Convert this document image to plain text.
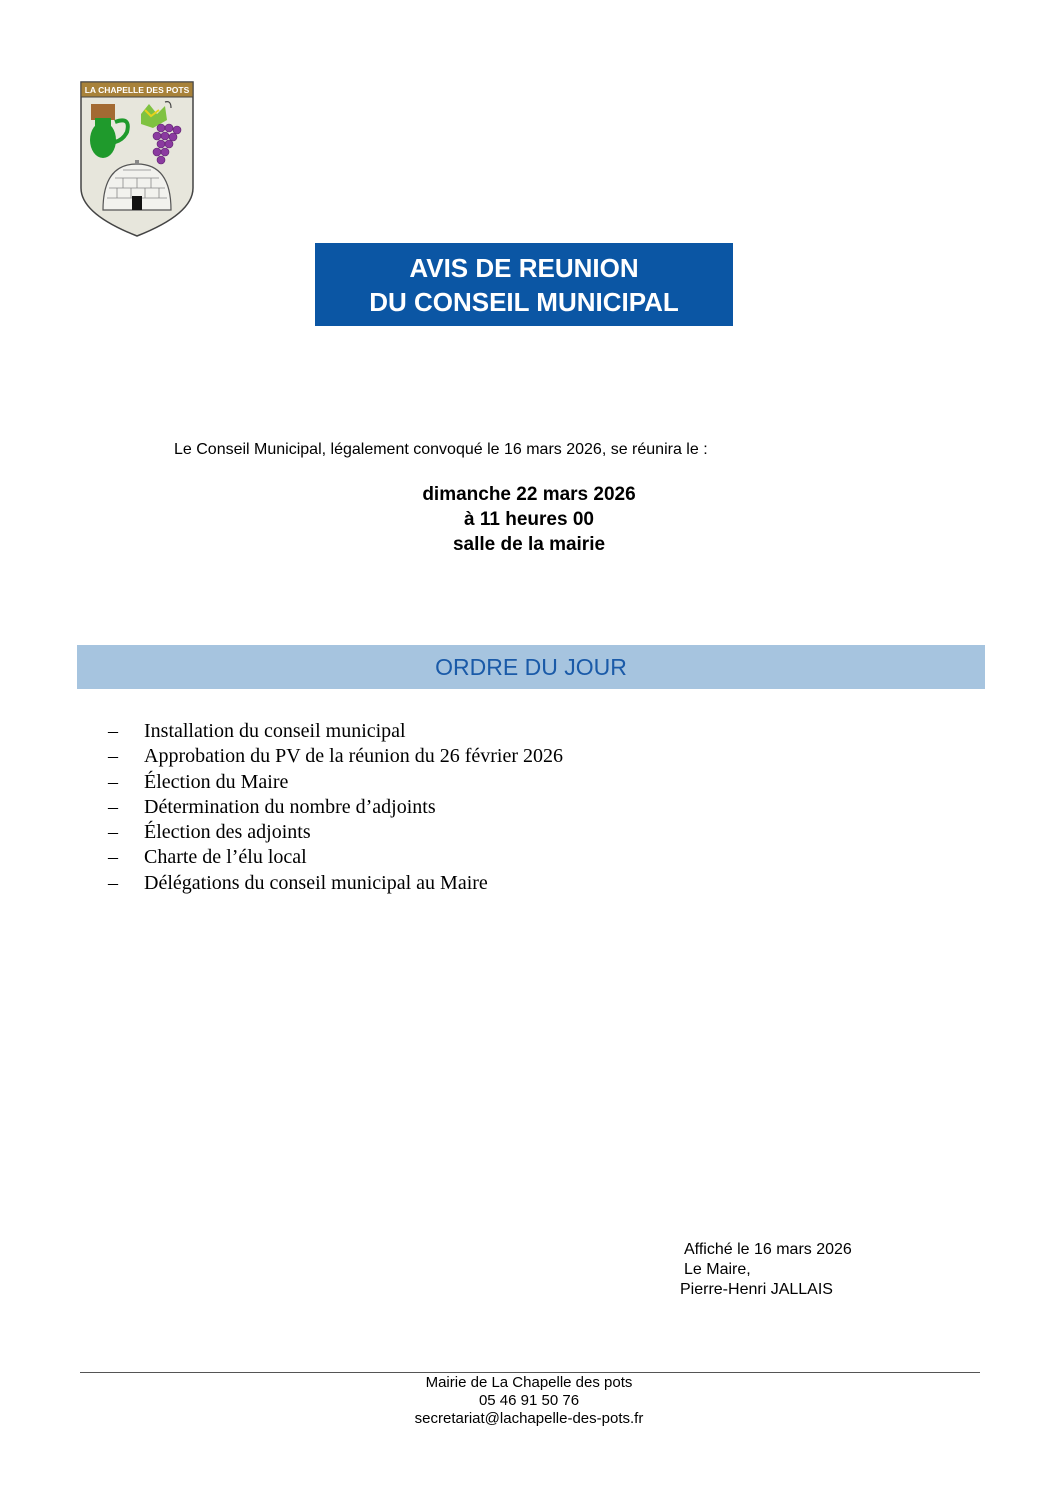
LA CHAPELLE DES POTS
AVIS DE REUNION
DU CONSEIL MUNICIPAL
Le Conseil Municipal, légalement convoqué le 16 mars 2026, se réunira le :
dimanche 22 mars 2026
à 11 heures 00
salle de la mairie
ORDRE DU JOUR
–	Installation du conseil municipal
–	Approbation du PV de la réunion du 26 février 2026
–	Élection du Maire
–	Détermination du nombre d’adjoints
–	Élection des adjoints
–	Charte de l’élu local
–	Délégations du conseil municipal au Maire
Affiché le 16 mars 2026
Le Maire,
Pierre-Henri JALLAIS
Mairie de La Chapelle des pots
05 46 91 50 76
secretariat@lachapelle-des-pots.fr
